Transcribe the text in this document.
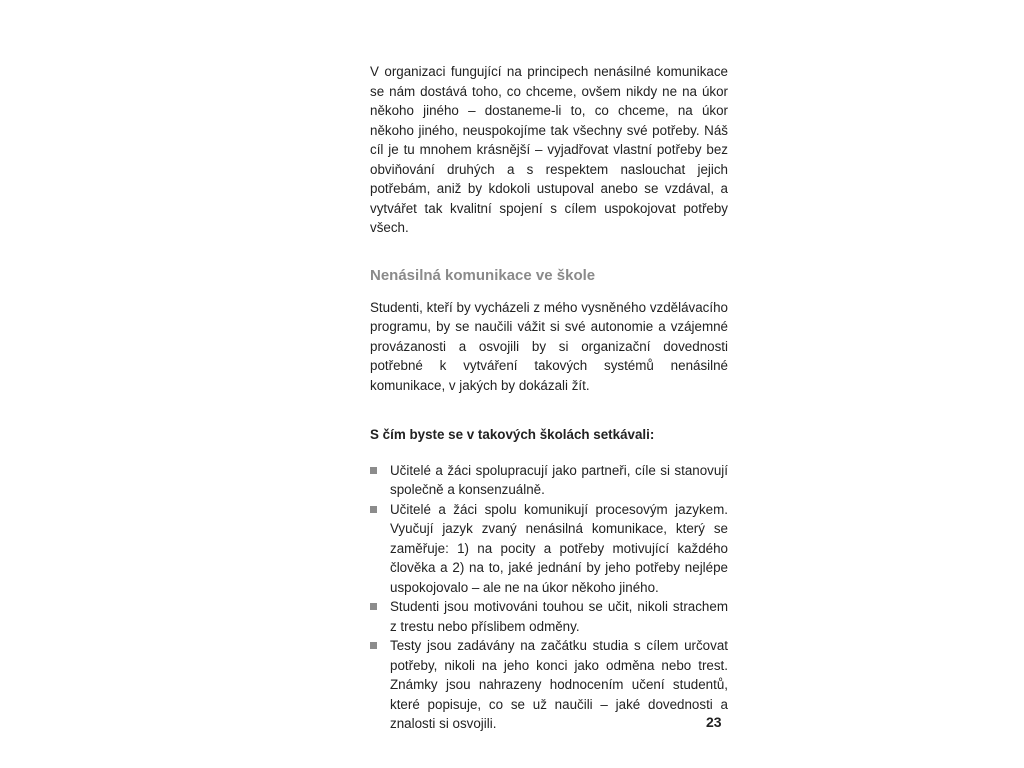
V organizaci fungující na principech nenásilné komunikace se nám dostává toho, co chceme, ovšem nikdy ne na úkor někoho jiného – dostaneme-li to, co chceme, na úkor někoho jiného, neuspokojíme tak všechny své potřeby. Náš cíl je tu mnohem krásnější – vyjadřovat vlastní potřeby bez obviňování druhých a s respektem naslouchat jejich potřebám, aniž by kdokoli ustupoval anebo se vzdával, a vytvářet tak kvalitní spojení s cílem uspokojovat potřeby všech.

Nenásilná komunikace ve škole

Studenti, kteří by vycházeli z mého vysněného vzdělávacího programu, by se naučili vážit si své autonomie a vzájemné provázanosti a osvojili by si organizační dovednosti potřebné k vytváření takových systémů nenásilné komunikace, v jakých by dokázali žít.

S čím byste se v takových školách setkávali:
Učitelé a žáci spolupracují jako partneři, cíle si stanovují společně a konsenzuálně.
Učitelé a žáci spolu komunikují procesovým jazykem. Vyučují jazyk zvaný nenásilná komunikace, který se zaměřuje: 1) na pocity a potřeby motivující každého člověka a 2) na to, jaké jednání by jeho potřeby nejlépe uspokojovalo – ale ne na úkor někoho jiného.
Studenti jsou motivováni touhou se učit, nikoli strachem z trestu nebo příslibem odměny.
Testy jsou zadávány na začátku studia s cílem určovat potřeby, nikoli na jeho konci jako odměna nebo trest. Známky jsou nahrazeny hodnocením učení studentů, které popisuje, co se už naučili – jaké dovednosti a znalosti si osvojili.	23
